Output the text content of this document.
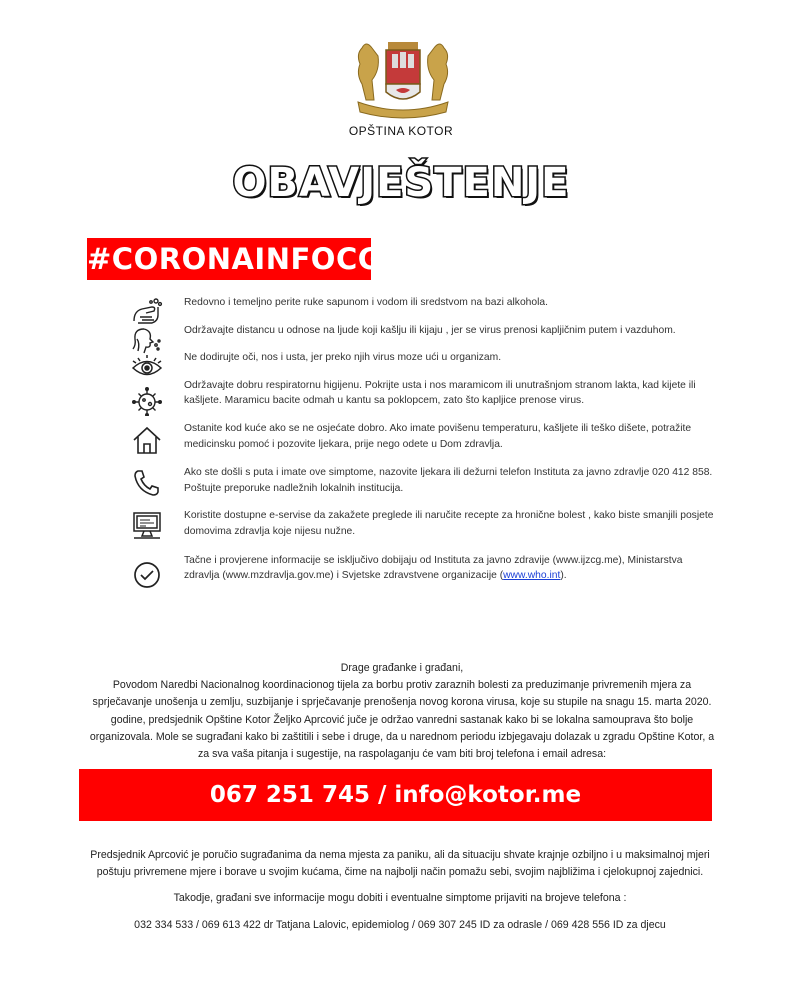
OPŠTINA KOTOR
OBAVJEŠTENJE
#CORONAINFOCG
Redovno i temeljno perite ruke sapunom i vodom ili sredstvom na bazi alkohola.
Održavajte distancu u odnose na ljude koji kašlju ili kijaju , jer se virus prenosi kapljičnim putem i vazduhom.
Ne dodirujte oči, nos i usta, jer preko njih virus moze ući u organizam.
Održavajte dobru respiratornu higijenu. Pokrijte usta i nos maramicom ili unutrašnjom stranom lakta, kad kijete ili kašljete. Maramicu bacite odmah u kantu sa poklopcem, zato što kapljice prenose virus.
Ostanite kod kuće ako se ne osjećate dobro. Ako imate povišenu temperaturu, kašljete ili teško dišete, potražite medicinsku pomoć i pozovite ljekara, prije nego odete u Dom zdravlja.
Ako ste došli s puta i imate ove simptome, nazovite ljekara ili dežurni telefon Instituta za javno zdravlje 020 412 858. Poštujte preporuke nadležnih lokalnih institucija.
Koristite dostupne e-servise da zakažete preglede ili naručite recepte za hronične bolest , kako biste smanjili posjete domovima zdravlja koje nijesu nužne.
Tačne i provjerene informacije se isključivo dobijaju od Instituta za javno zdravije (www.ijzcg.me), Ministarstva zdravlja (www.mzdravlja.gov.me) i Svjetske zdravstvene organizacije (www.who.int).
Drage građanke i građani,
Povodom Naredbi Nacionalnog koordinacionog tijela za borbu protiv zaraznih bolesti za preduzimanje privremenih mjera za sprječavanje unošenja u zemlju, suzbijanje i sprječavanje prenošenja novog korona virusa, koje su stupile na snagu 15. marta 2020. godine, predsjednik Opštine Kotor Željko Aprcović juče je održao vanredni sastanak kako bi se lokalna samouprava što bolje organizovala. Mole se sugrađani kako bi zaštitili i sebe i druge, da u narednom periodu izbjegavaju dolazak u zgradu Opštine Kotor, a za sva vaša pitanja i sugestije, na raspolaganju će vam biti broj telefona i email adresa:
067 251 745 / info@kotor.me

Predsjednik Aprcović je poručio sugrađanima da nema mjesta za paniku, ali da situaciju shvate krajnje ozbiljno i u maksimalnoj mjeri poštuju privremene mjere i borave u svojim kućama, čime na najbolji način pomažu sebi, svojim najbližima i cjelokupnoj zajednici.

Takodje, građani sve informacije mogu dobiti i eventualne simptome prijaviti na brojeve telefona :

032 334 533 / 069 613 422 dr Tatjana Lalovic, epidemiolog / 069 307 245 ID za odrasle / 069 428 556 ID za djecu
